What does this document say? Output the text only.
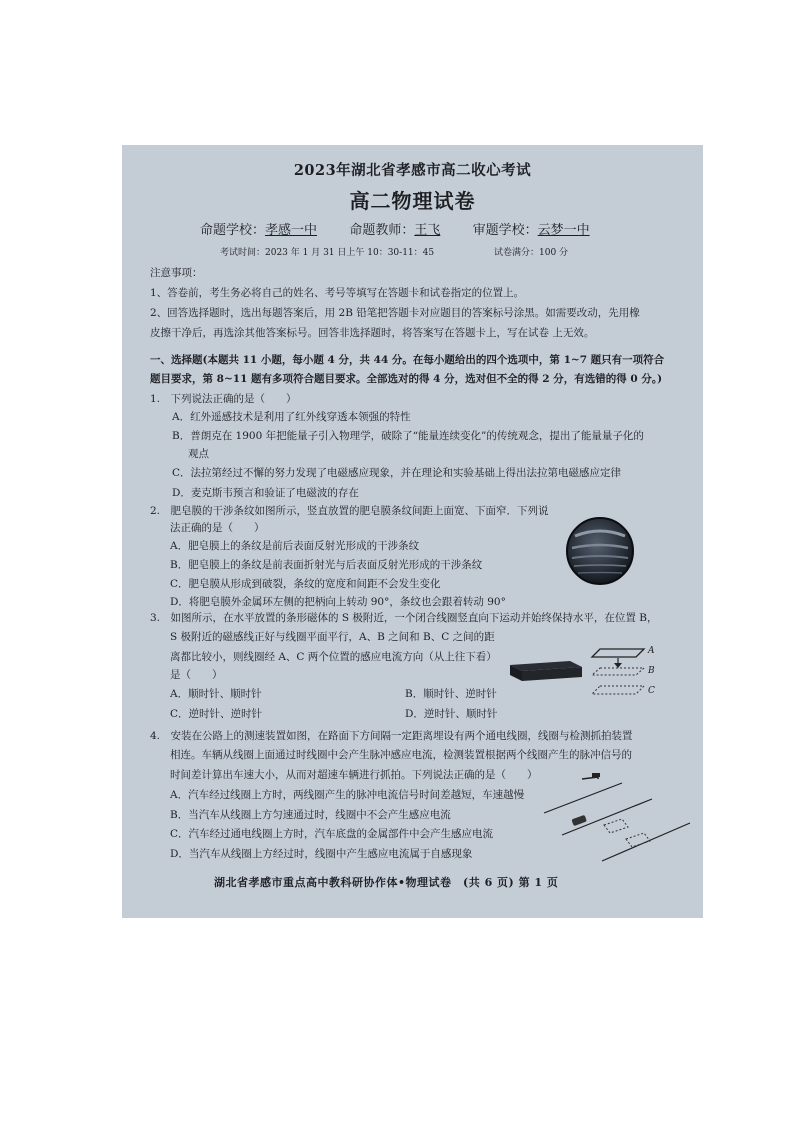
2023年湖北省孝感市高二收心考试
高二物理试卷
命题学校：孝感一中 命题教师：王飞 审题学校：云梦一中
考试时间：2023 年 1 月 31 日上午 10：30-11：45	试卷满分：100 分
注意事项：
1、答卷前，考生务必将自己的姓名、考号等填写在答题卡和试卷指定的位置上。
2、回答选择题时，选出每题答案后，用 2B 铅笔把答题卡对应题目的答案标号涂黑。如需要改动，先用橡
皮擦干净后，再选涂其他答案标号。回答非选择题时，将答案写在答题卡上，写在试卷 上无效。
一、选择题(本题共 11 小题，每小题 4 分，共 44 分。在每小题给出的四个选项中，第 1~7 题只有一项符合
题目要求，第 8~11 题有多项符合题目要求。全部选对的得 4 分，选对但不全的得 2 分，有选错的得 0 分。)
1.　下列说法正确的是（　　）
A．红外遥感技术是利用了红外线穿透本领强的特性
B．普朗克在 1900 年把能量子引入物理学，破除了“能量连续变化”的传统观念，提出了能量量子化的
观点
C．法拉第经过不懈的努力发现了电磁感应现象，并在理论和实验基础上得出法拉第电磁感应定律
D．麦克斯韦预言和验证了电磁波的存在
2.　肥皂膜的干涉条纹如图所示，竖直放置的肥皂膜条纹间距上面宽、下面窄．下列说
法正确的是（　　）
A．肥皂膜上的条纹是前后表面反射光形成的干涉条纹
B．肥皂膜上的条纹是前表面折射光与后表面反射光形成的干涉条纹
C．肥皂膜从形成到破裂，条纹的宽度和间距不会发生变化
D．将肥皂膜外金属环左侧的把柄向上转动 90°，条纹也会跟着转动 90°
3.　如图所示，在水平放置的条形磁体的 S 极附近，一个闭合线圈竖直向下运动并始终保持水平，在位置 B，
S 极附近的磁感线正好与线圈平面平行，A、B 之间和 B、C 之间的距
离都比较小，则线圈经 A、C 两个位置的感应电流方向（从上往下看）
是（　　）
A．顺时针、顺时针	B．顺时针、逆时针
C．逆时针、逆时针	D．逆时针、顺时针
A
B
C
4.　安装在公路上的测速装置如图，在路面下方间隔一定距离埋设有两个通电线圈，线圈与检测抓拍装置
相连。车辆从线圈上面通过时线圈中会产生脉冲感应电流，检测装置根据两个线圈产生的脉冲信号的
时间差计算出车速大小，从而对超速车辆进行抓拍。下列说法正确的是（　　）
A．汽车经过线圈上方时，两线圈产生的脉冲电流信号时间差越短，车速越慢
B．当汽车从线圈上方匀速通过时，线圈中不会产生感应电流
C．汽车经过通电线圈上方时，汽车底盘的金属部件中会产生感应电流
D．当汽车从线圈上方经过时，线圈中产生感应电流属于自感现象
湖北省孝感市重点高中教科研协作体•物理试卷　(共 6 页) 第 1 页
